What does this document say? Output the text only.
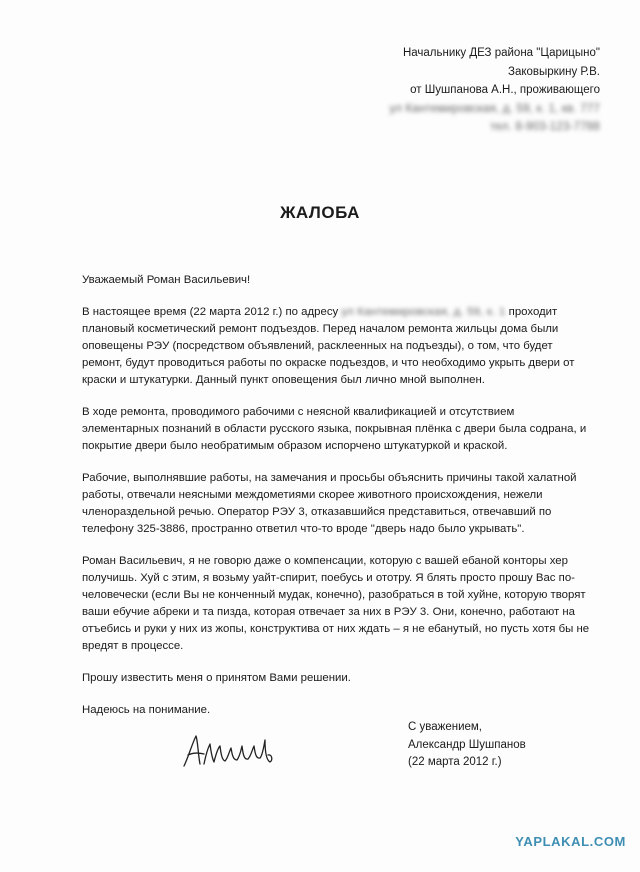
Начальнику ДЕЗ района "Царицыно"
Заковыркину Р.В.
от Шушпанова А.Н., проживающего
ул Кантемировская, д. 59, к. 1, кв. 777
тел. 8-903-123-7788
ЖАЛОБА

Уважаемый Роман Васильевич!

В настоящее время (22 марта 2012 г.) по адресу ул Кантемировская, д. 59, к. 1 проходит плановый косметический ремонт подъездов. Перед началом ремонта жильцы дома были оповещены РЭУ (посредством объявлений, расклеенных на подъезды), о том, что будет ремонт, будут проводиться работы по окраске подъездов, и что необходимо укрыть двери от краски и штукатурки. Данный пункт оповещения был лично мной выполнен.

В ходе ремонта, проводимого рабочими с неясной квалификацией и отсутствием элементарных познаний в области русского языка, покрывная плёнка с двери была содрана, и покрытие двери было необратимым образом испорчено штукатуркой и краской.

Рабочие, выполнявшие работы, на замечания и просьбы объяснить причины такой халатной работы, отвечали неясными междометиями скорее животного происхождения, нежели членораздельной речью. Оператор РЭУ 3, отказавшийся представиться, отвечавший по телефону 325-3886, пространно ответил что-то вроде "дверь надо было укрывать".

Роман Васильевич, я не говорю даже о компенсации, которую с вашей ебаной конторы хер получишь. Хуй с этим, я возьму уайт-спирит, поебусь и ототру. Я блять просто прошу Вас по-человечески (если Вы не конченный мудак, конечно), разобраться в той хуйне, которую творят ваши ебучие абреки и та пизда, которая отвечает за них в РЭУ 3. Они, конечно, работают на отъебись и руки у них из жопы, конструктива от них ждать – я не ебанутый, но пусть хотя бы не вредят в процессе.

Прошу известить меня о принятом Вами решении.

Надеюсь на понимание.

С уважением,
Александр Шушпанов
(22 марта 2012 г.)
YAPLAKAL.COM
